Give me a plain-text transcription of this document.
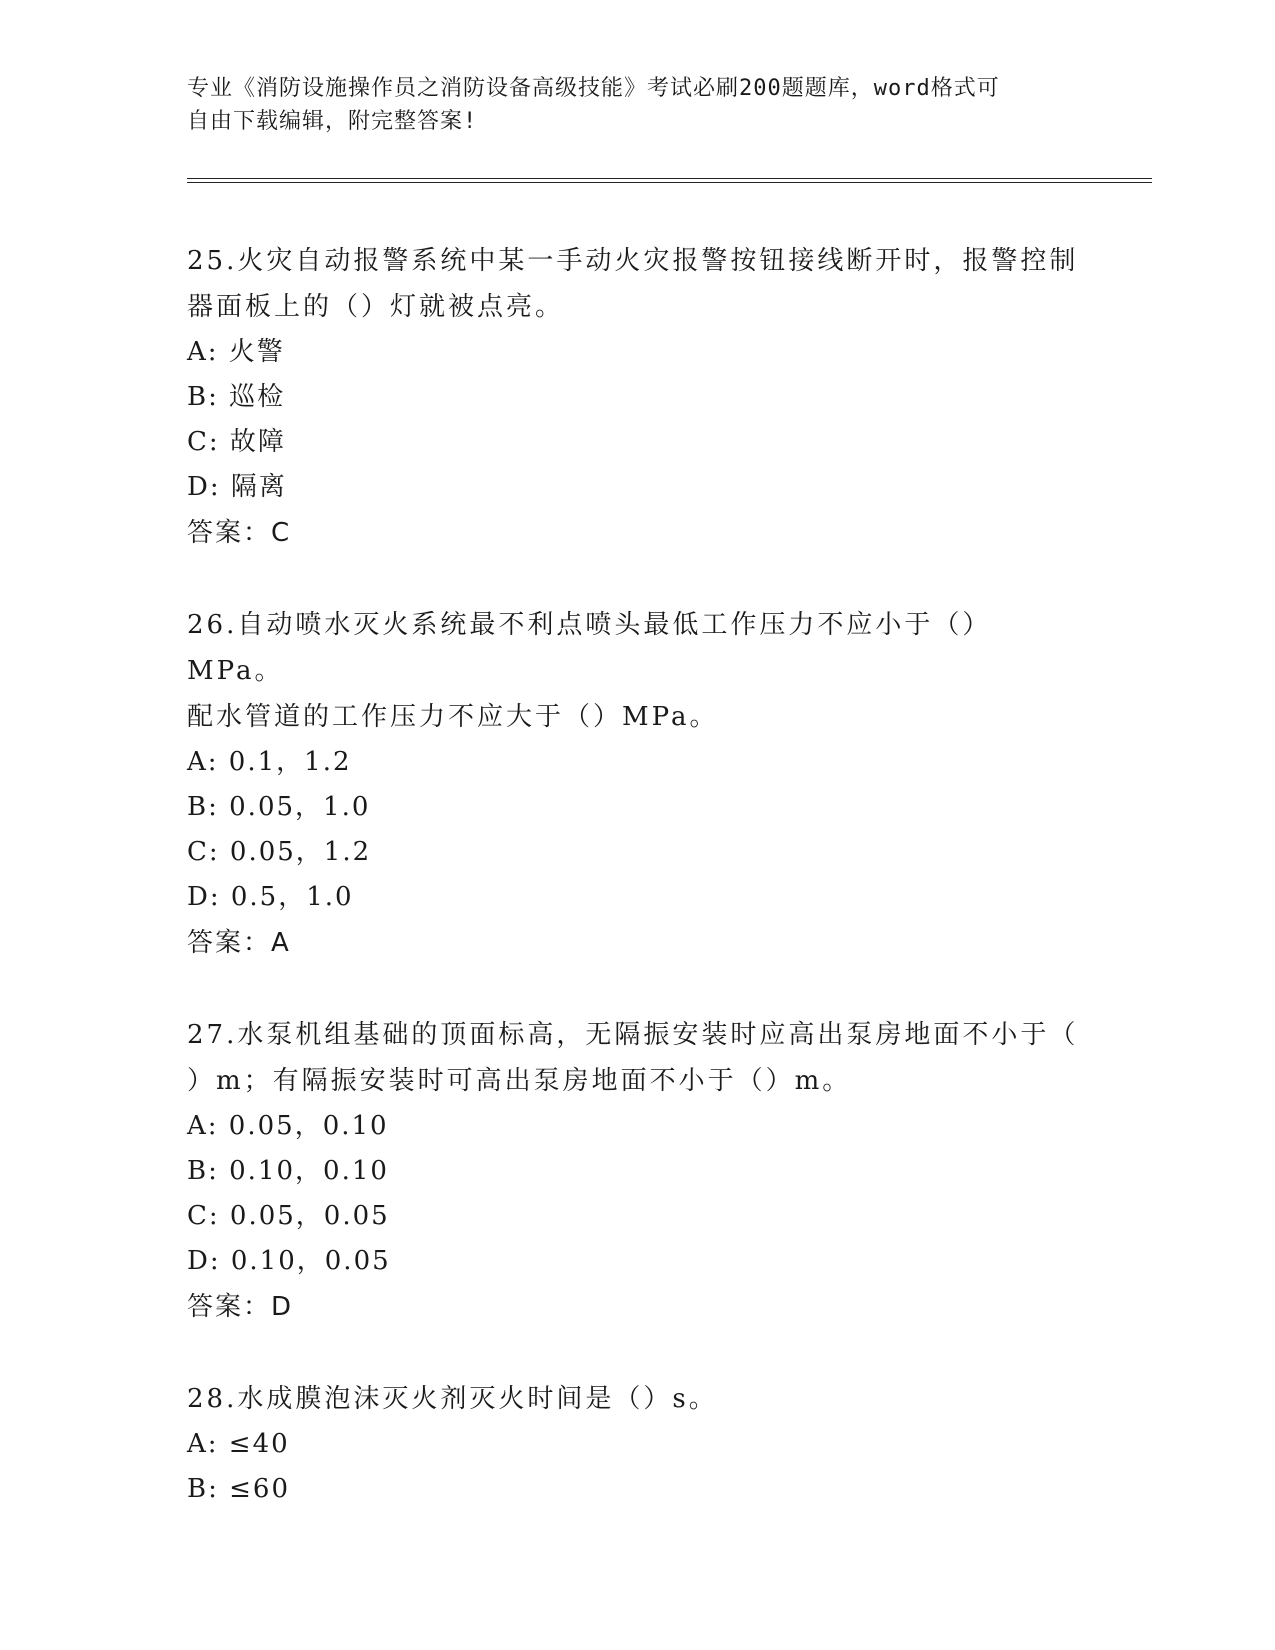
专业《消防设施操作员之消防设备高级技能》考试必刷200题题库，word格式可
自由下载编辑，附完整答案!

25.火灾自动报警系统中某一手动火灾报警按钮接线断开时，报警控制

器面板上的（）灯就被点亮。

A: 火警

B: 巡检

C: 故障

D: 隔离

答案：C

26.自动喷水灭火系统最不利点喷头最低工作压力不应小于（）MPa。

配水管道的工作压力不应大于（）MPa。

A: 0.1，1.2

B: 0.05，1.0

C: 0.05，1.2

D: 0.5，1.0

答案：A

27.水泵机组基础的顶面标高，无隔振安装时应高出泵房地面不小于（

）m；有隔振安装时可高出泵房地面不小于（）m。

A: 0.05，0.10

B: 0.10，0.10

C: 0.05，0.05

D: 0.10，0.05

答案：D

28.水成膜泡沫灭火剂灭火时间是（）s。

A: ≤40

B: ≤60
